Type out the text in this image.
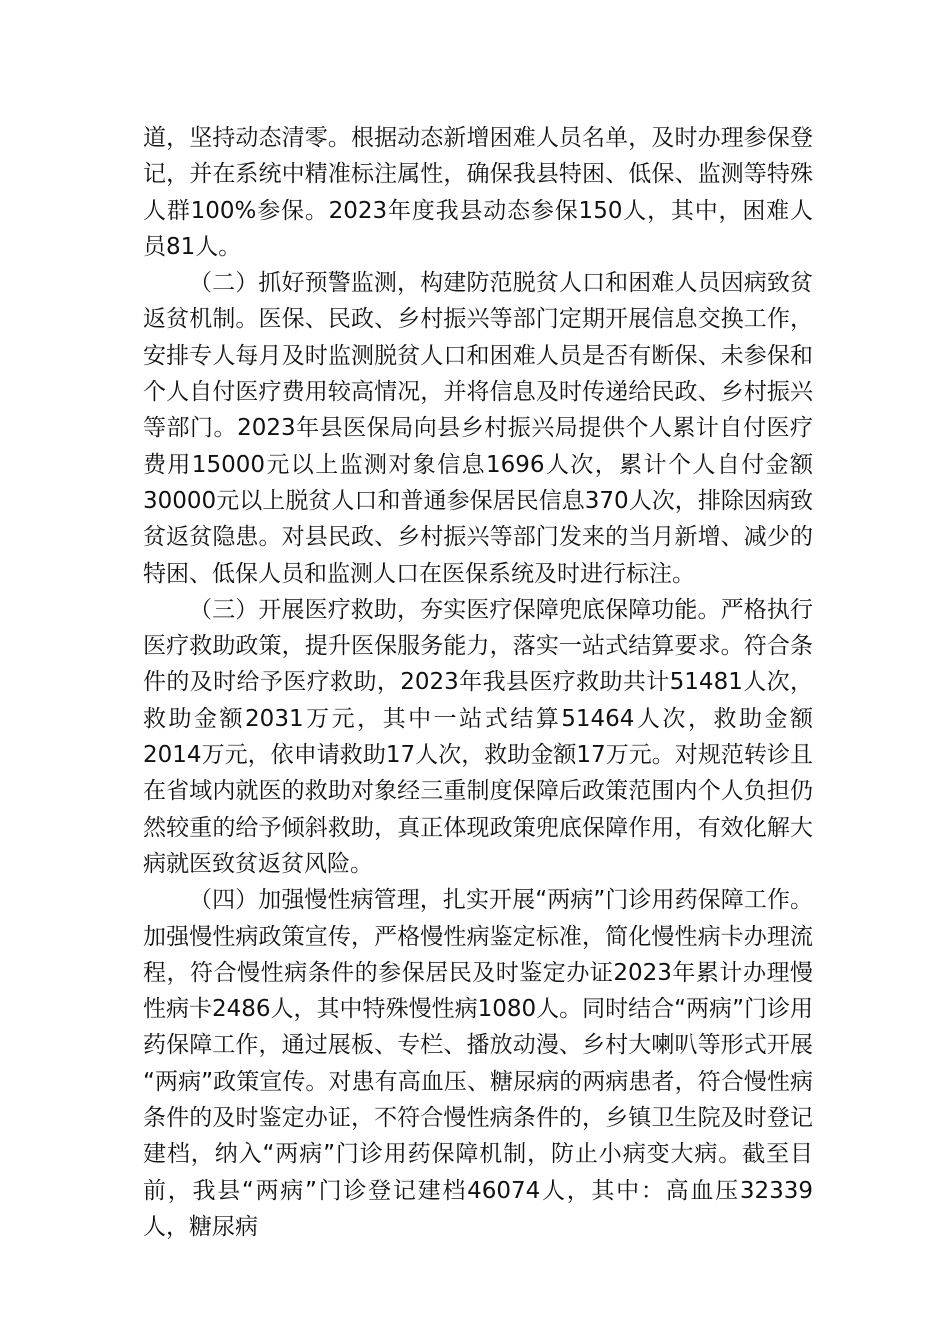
道，坚持动态清零。根据动态新增困难人员名单，及时办理参保登记，并在系统中精准标注属性，确保我县特困、低保、监测等特殊人群100%参保。2023年度我县动态参保150人，其中，困难人员81人。

（二）抓好预警监测，构建防范脱贫人口和困难人员因病致贫返贫机制。医保、民政、乡村振兴等部门定期开展信息交换工作，安排专人每月及时监测脱贫人口和困难人员是否有断保、未参保和个人自付医疗费用较高情况，并将信息及时传递给民政、乡村振兴等部门。2023年县医保局向县乡村振兴局提供个人累计自付医疗费用15000元以上监测对象信息1696人次，累计个人自付金额30000元以上脱贫人口和普通参保居民信息370人次，排除因病致贫返贫隐患。对县民政、乡村振兴等部门发来的当月新增、减少的特困、低保人员和监测人口在医保系统及时进行标注。

（三）开展医疗救助，夯实医疗保障兜底保障功能。严格执行医疗救助政策，提升医保服务能力，落实一站式结算要求。符合条件的及时给予医疗救助，2023年我县医疗救助共计51481人次，救助金额2031万元，其中一站式结算51464人次，救助金额2014万元，依申请救助17人次，救助金额17万元。对规范转诊且在省域内就医的救助对象经三重制度保障后政策范围内个人负担仍然较重的给予倾斜救助，真正体现政策兜底保障作用，有效化解大病就医致贫返贫风险。

（四）加强慢性病管理，扎实开展“两病”门诊用药保障工作。加强慢性病政策宣传，严格慢性病鉴定标准，简化慢性病卡办理流程，符合慢性病条件的参保居民及时鉴定办证2023年累计办理慢性病卡2486人，其中特殊慢性病1080人。同时结合“两病”门诊用药保障工作，通过展板、专栏、播放动漫、乡村大喇叭等形式开展 “两病”政策宣传。对患有高血压、糖尿病的两病患者，符合慢性病条件的及时鉴定办证，不符合慢性病条件的，乡镇卫生院及时登记建档，纳入“两病”门诊用药保障机制，防止小病变大病。截至目前，我县“两病”门诊登记建档46074人，其中：高血压32339人，糖尿病
